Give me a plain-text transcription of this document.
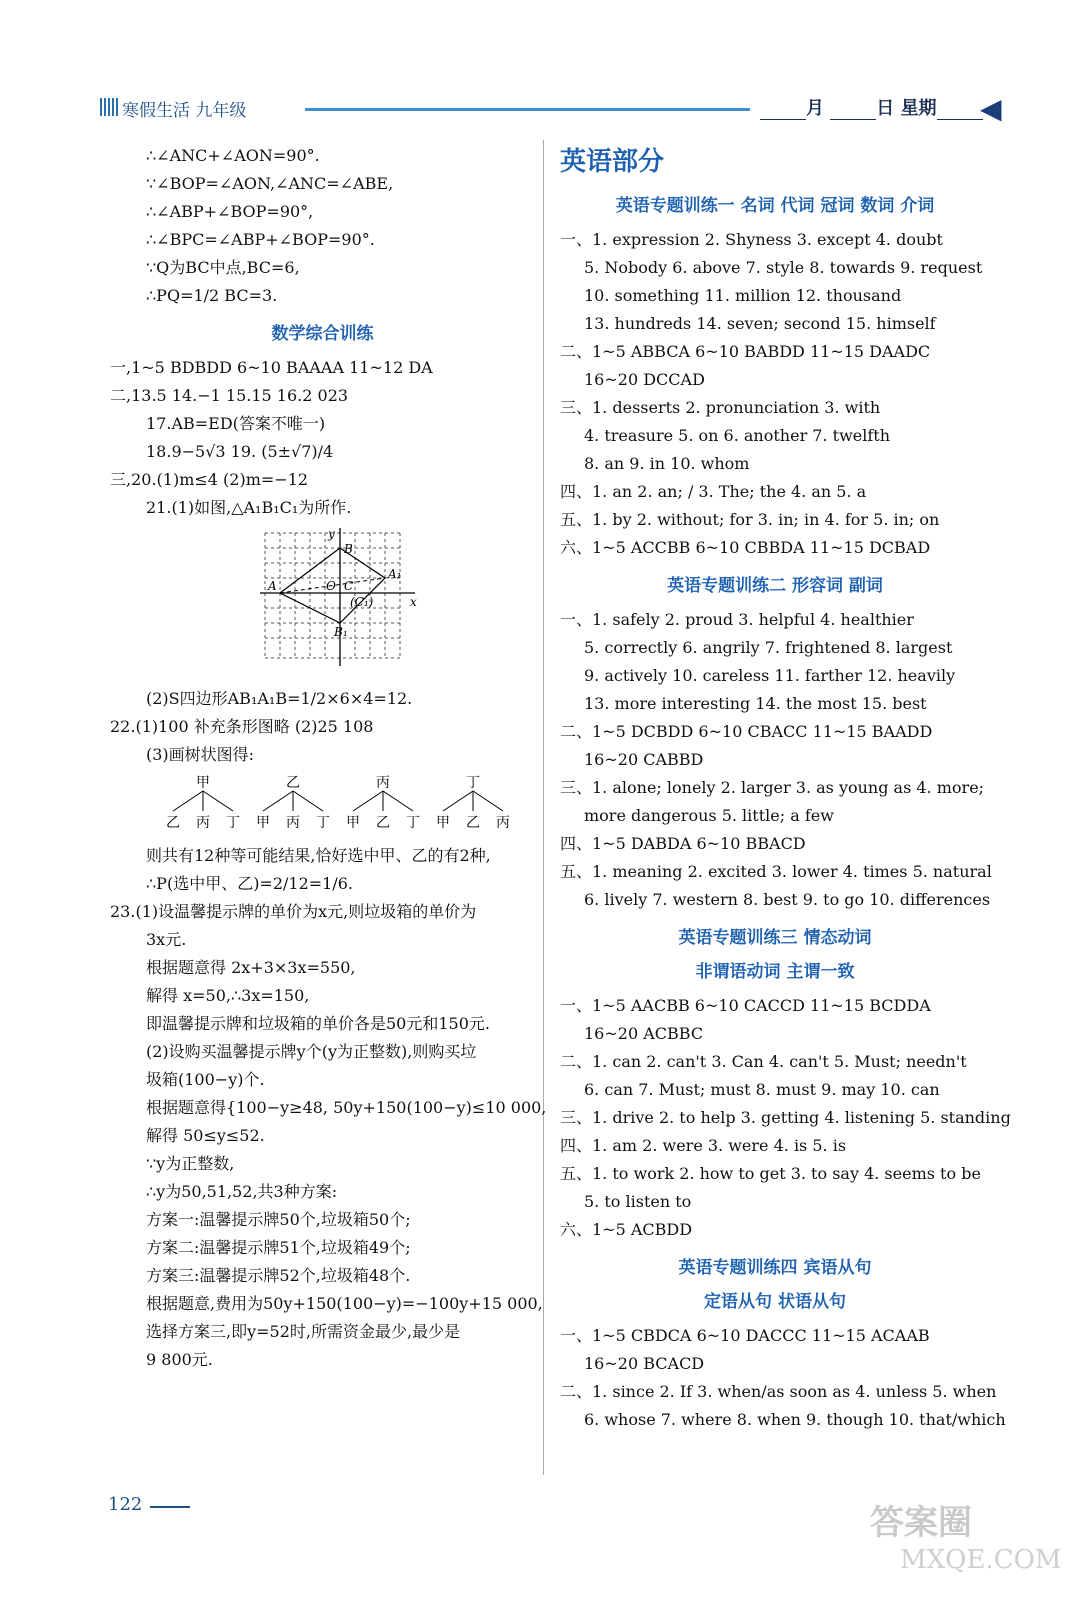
寒假生活 九年级	月	日 星期	◀
∴∠ANC+∠AON=90°.
∵∠BOP=∠AON,∠ANC=∠ABE,
∴∠ABP+∠BOP=90°,
∴∠BPC=∠ABP+∠BOP=90°.
∵Q为BC中点,BC=6,
∴PQ=1/2 BC=3.
数学综合训练
一,1~5 BDBDD 6~10 BAAAA 11~12 DA
二,13.5 14.−1 15.15 16.2 023
17.AB=ED(答案不唯一)
18.9−5√3 19. (5±√7)/4
三,20.(1)m≤4 (2)m=−12
21.(1)如图,△A₁B₁C₁为所作.
y
x
B
A₁
A	O C
(C₁)
B₁
(2)S四边形AB₁A₁B=1/2×6×4=12.
22.(1)100 补充条形图略 (2)25 108
(3)画树状图得:
甲
乙 丙 丁
乙
甲 丙 丁
丙
甲 乙 丁
丁
甲 乙 丙
则共有12种等可能结果,恰好选中甲、乙的有2种,
∴P(选中甲、乙)=2/12=1/6.
23.(1)设温馨提示牌的单价为x元,则垃圾箱的单价为
3x元.
根据题意得 2x+3×3x=550,
解得 x=50,∴3x=150,
即温馨提示牌和垃圾箱的单价各是50元和150元.
(2)设购买温馨提示牌y个(y为正整数),则购买垃
圾箱(100−y)个.
根据题意得{100−y≥48, 50y+150(100−y)≤10 000,
解得 50≤y≤52.
∵y为正整数,
∴y为50,51,52,共3种方案:
方案一:温馨提示牌50个,垃圾箱50个;
方案二:温馨提示牌51个,垃圾箱49个;
方案三:温馨提示牌52个,垃圾箱48个.
根据题意,费用为50y+150(100−y)=−100y+15 000,
选择方案三,即y=52时,所需资金最少,最少是
9 800元.
英语部分
英语专题训练一 名词 代词 冠词 数词 介词
一、1. expression 2. Shyness 3. except 4. doubt
5. Nobody 6. above 7. style 8. towards 9. request
10. something 11. million 12. thousand
13. hundreds 14. seven; second 15. himself
二、1~5 ABBCA 6~10 BABDD 11~15 DAADC
16~20 DCCAD
三、1. desserts 2. pronunciation 3. with
4. treasure 5. on 6. another 7. twelfth
8. an 9. in 10. whom
四、1. an 2. an; / 3. The; the 4. an 5. a
五、1. by 2. without; for 3. in; in 4. for 5. in; on
六、1~5 ACCBB 6~10 CBBDA 11~15 DCBAD
英语专题训练二 形容词 副词
一、1. safely 2. proud 3. helpful 4. healthier
5. correctly 6. angrily 7. frightened 8. largest
9. actively 10. careless 11. farther 12. heavily
13. more interesting 14. the most 15. best
二、1~5 DCBDD 6~10 CBACC 11~15 BAADD
16~20 CABBD
三、1. alone; lonely 2. larger 3. as young as 4. more;
more dangerous 5. little; a few
四、1~5 DABDA 6~10 BBACD
五、1. meaning 2. excited 3. lower 4. times 5. natural
6. lively 7. western 8. best 9. to go 10. differences
英语专题训练三 情态动词
非谓语动词 主谓一致
一、1~5 AACBB 6~10 CACCD 11~15 BCDDA
16~20 ACBBC
二、1. can 2. can't 3. Can 4. can't 5. Must; needn't
6. can 7. Must; must 8. must 9. may 10. can
三、1. drive 2. to help 3. getting 4. listening 5. standing
四、1. am 2. were 3. were 4. is 5. is
五、1. to work 2. how to get 3. to say 4. seems to be
5. to listen to
六、1~5 ACBDD
英语专题训练四 宾语从句
定语从句 状语从句
一、1~5 CBDCA 6~10 DACCC 11~15 ACAAB
16~20 BCACD
二、1. since 2. If 3. when/as soon as 4. unless 5. when
6. whose 7. where 8. when 9. though 10. that/which
122	答案圈
MXQE.COM
